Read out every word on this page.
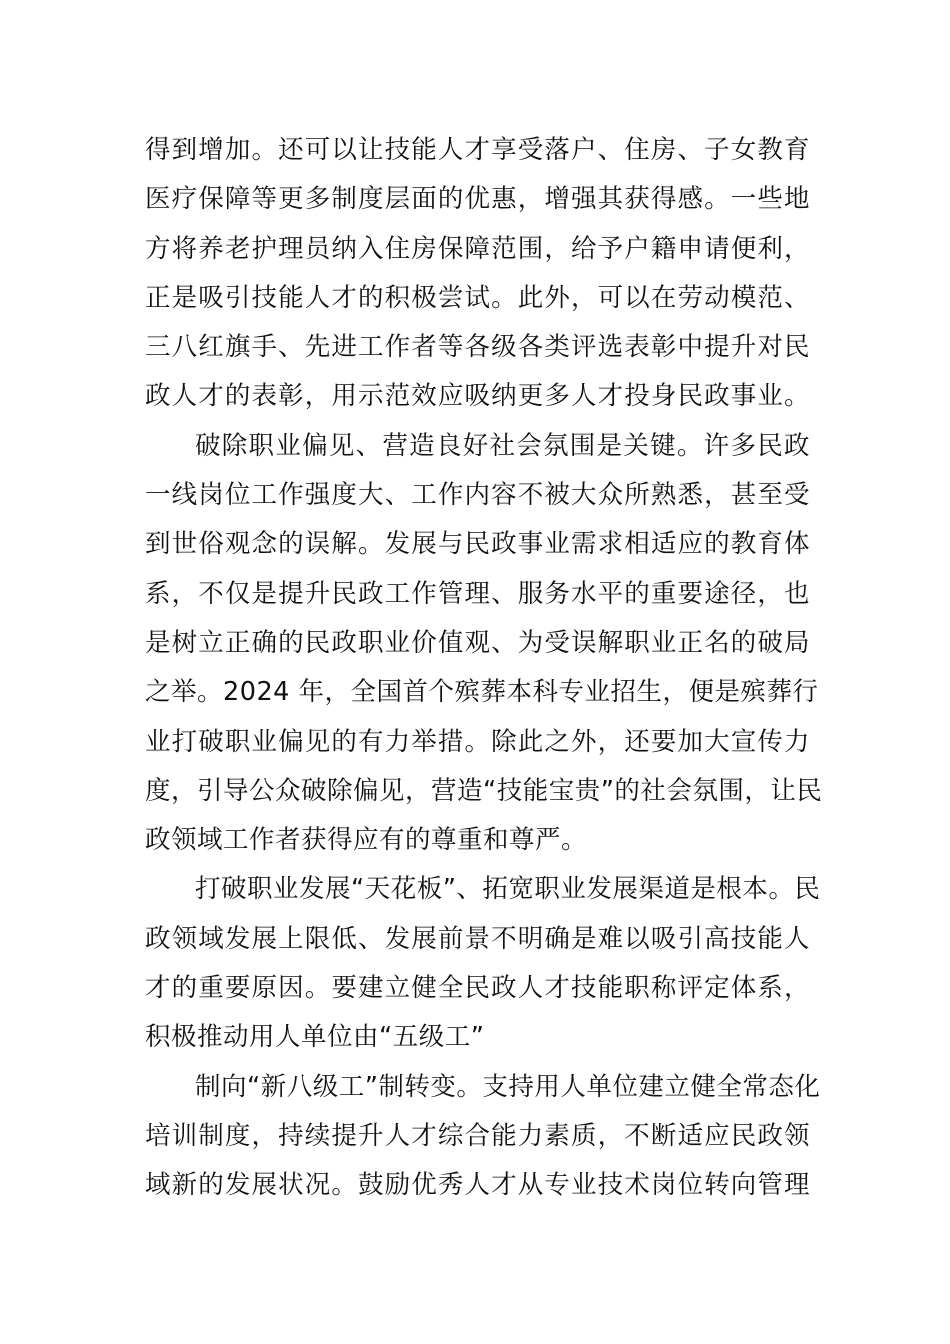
得到增加。还可以让技能人才享受落户、住房、子女教育
医疗保障等更多制度层面的优惠，增强其获得感。一些地
方将养老护理员纳入住房保障范围，给予户籍申请便利，
正是吸引技能人才的积极尝试。此外，可以在劳动模范、
三八红旗手、先进工作者等各级各类评选表彰中提升对民
政人才的表彰，用示范效应吸纳更多人才投身民政事业。
破除职业偏见、营造良好社会氛围是关键。许多民政
一线岗位工作强度大、工作内容不被大众所熟悉，甚至受
到世俗观念的误解。发展与民政事业需求相适应的教育体
系，不仅是提升民政工作管理、服务水平的重要途径，也
是树立正确的民政职业价值观、为受误解职业正名的破局
之举。2024 年，全国首个殡葬本科专业招生，便是殡葬行
业打破职业偏见的有力举措。除此之外，还要加大宣传力
度，引导公众破除偏见，营造“技能宝贵”的社会氛围，让民
政领域工作者获得应有的尊重和尊严。
打破职业发展“天花板”、拓宽职业发展渠道是根本。民
政领域发展上限低、发展前景不明确是难以吸引高技能人
才的重要原因。要建立健全民政人才技能职称评定体系，
积极推动用人单位由“五级工”
制向“新八级工”制转变。支持用人单位建立健全常态化
培训制度，持续提升人才综合能力素质，不断适应民政领
域新的发展状况。鼓励优秀人才从专业技术岗位转向管理
